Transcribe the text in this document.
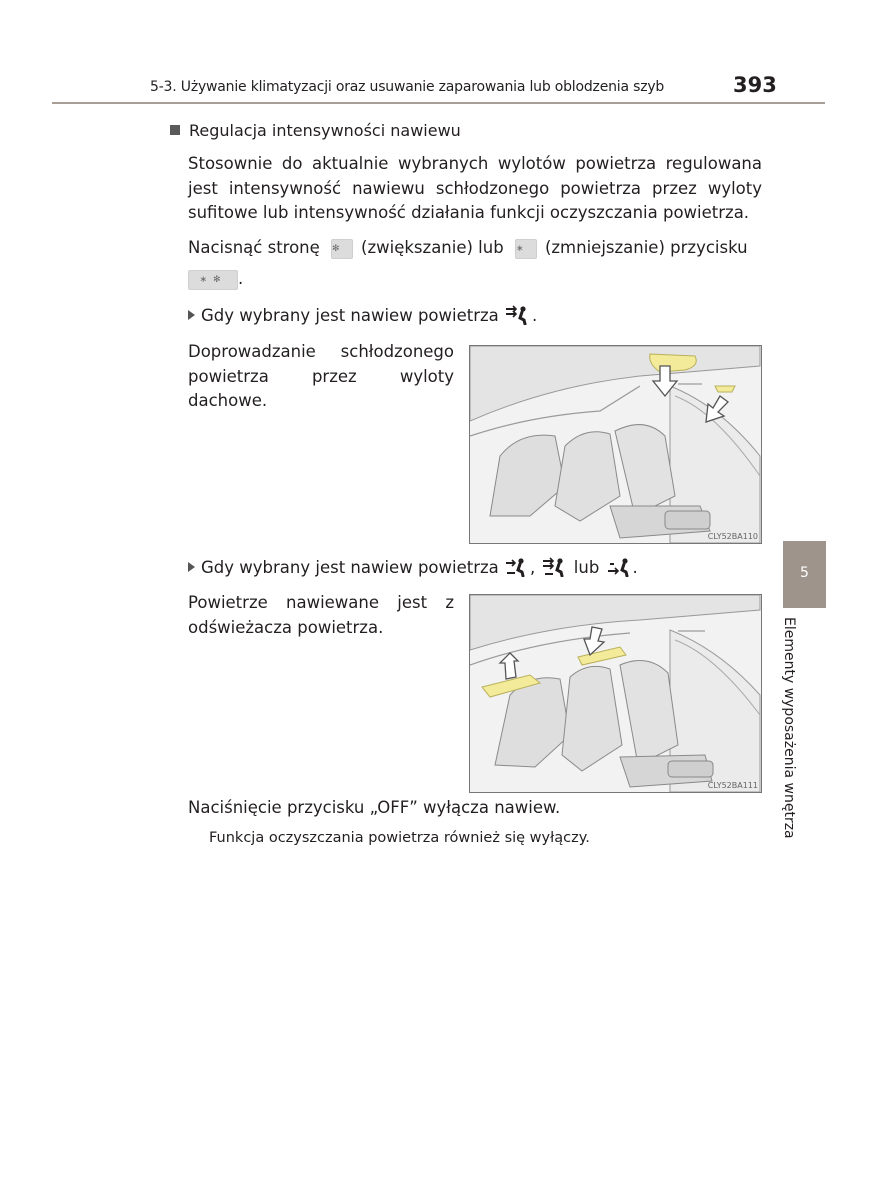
5-3. Używanie klimatyzacji oraz usuwanie zaparowania lub oblodzenia szyb	393
Regulacja intensywności nawiewu
Stosownie do aktualnie wybranych wylotów powietrza regulowana jest intensywność nawiewu schłodzonego powietrza przez wyloty sufitowe lub intensywność działania funkcji oczyszczania powietrza.
Nacisnąć stronę ✻ (zwiększanie) lub ∗ (zmniejszanie) przycisku
∗✻ .
Gdy wybrany jest nawiew powietrza .
Doprowadzanie schłodzonego powietrza przez wyloty dachowe.
CLY52BA110
Gdy wybrany jest nawiew powietrza , lub .
Powietrze nawiewane jest z odświeżacza powietrza.
CLY52BA111
Naciśnięcie przycisku „OFF” wyłącza nawiew.
Funkcja oczyszczania powietrza również się wyłączy.
5
Elementy wyposażenia wnętrza
